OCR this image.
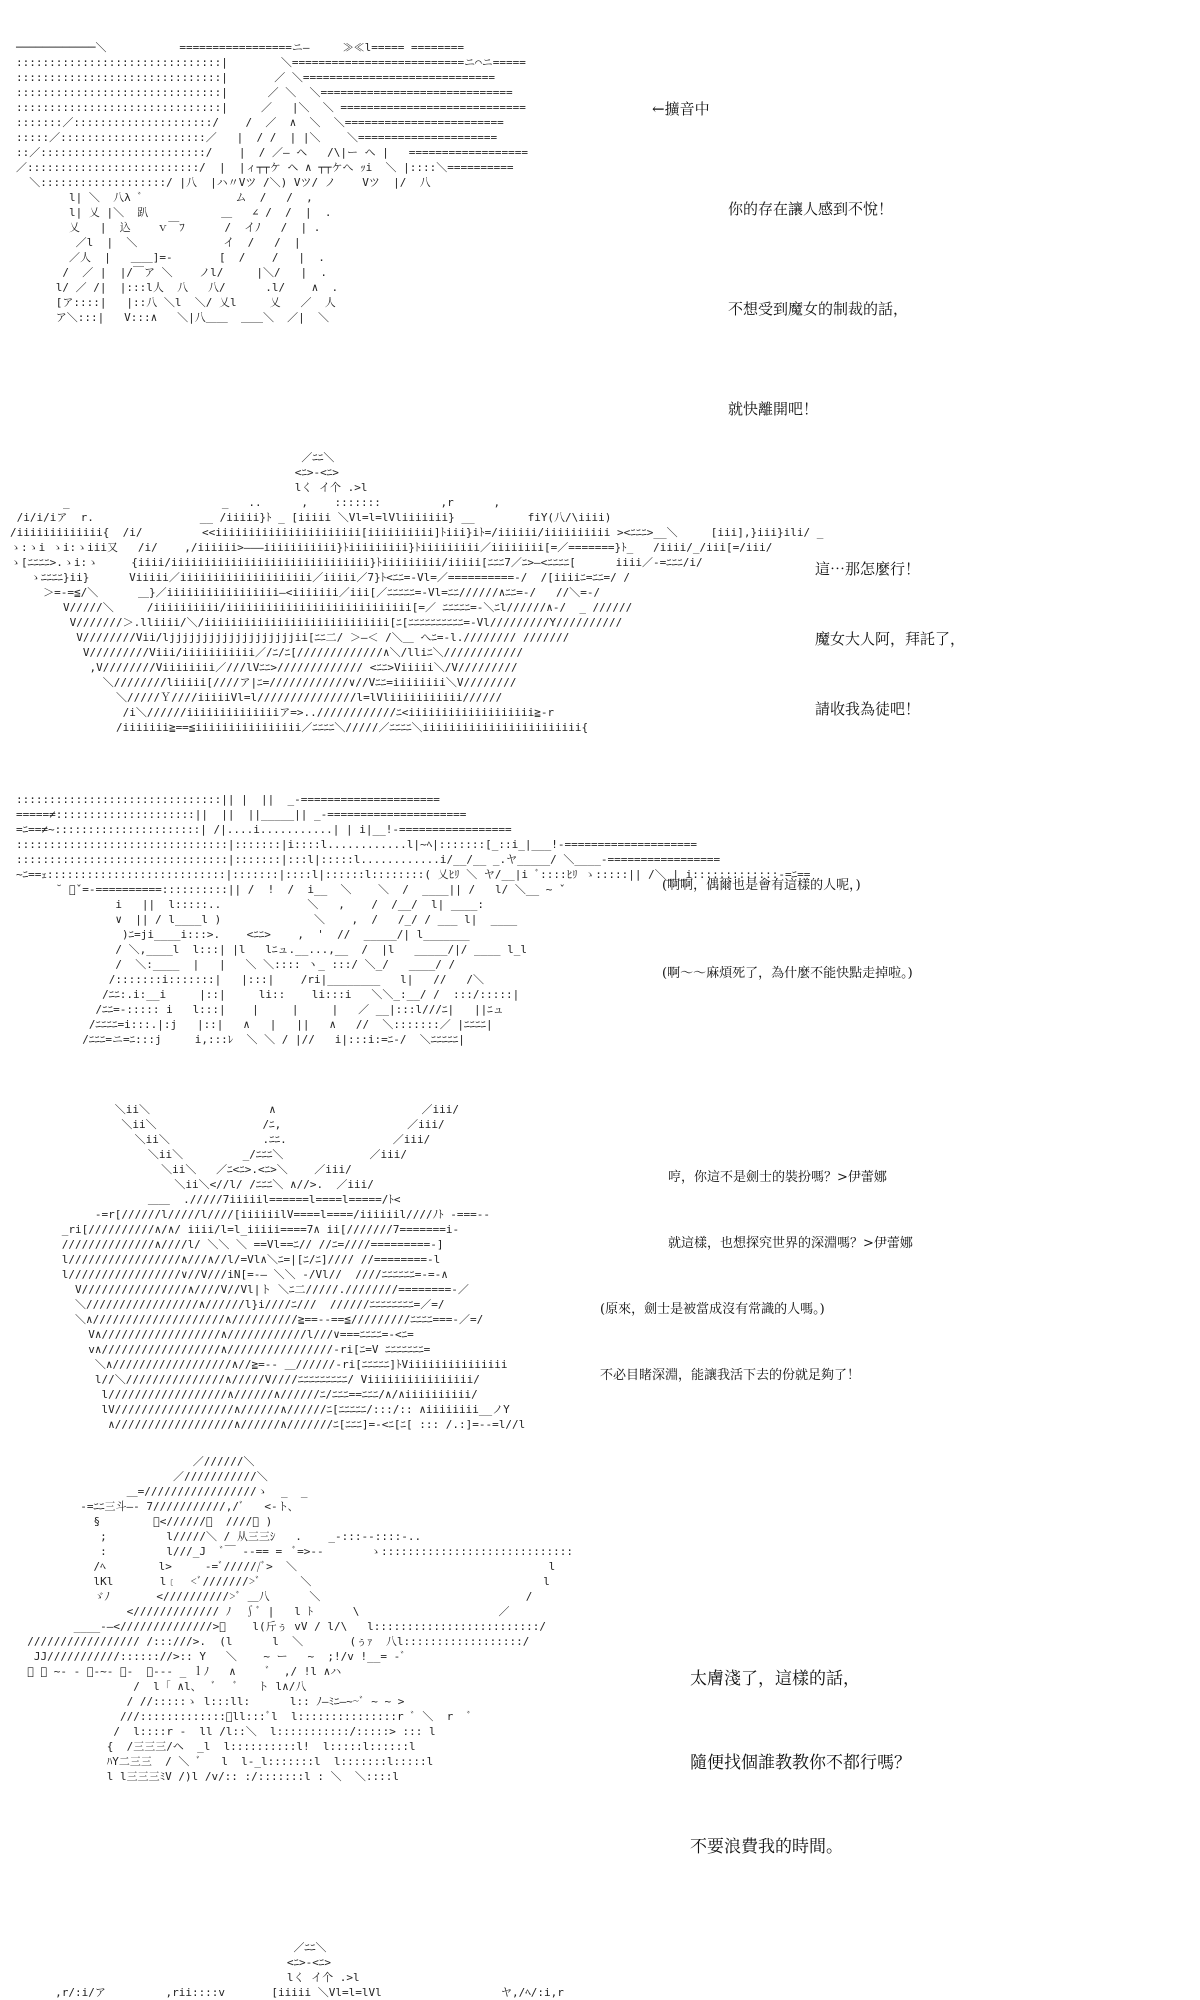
────────────＼           =================ニ―     ≫≪l===== ========
:::::::::::::::::::::::::::::::|        ＼==========================ニ⌒ニ=====
:::::::::::::::::::::::::::::::|       ／ ＼=============================
:::::::::::::::::::::::::::::::|      ／ ＼  ＼=============================
:::::::::::::::::::::::::::::::|     ／   |＼  ＼ ============================
:::::::／:::::::::::::::::::::/    /  ／  ∧  ＼  ＼========================
:::::／::::::::::::::::::::::／   |  / /  | |＼    ＼=====================
::／:::::::::::::::::::::::::/    |  / ／― ヘ   /\|ー ヘ |   ==================
／::::::::::::::::::::::::::/  |  |ィ┬┬ケ ヘ ∧ ┬┬ケへ ｯi  ＼ |::::＼==========
＼:::::::::::::::::::/ |八  |ハ〃Vツ /＼) Vツ/ ノ    Vツ  |/  八
l| ＼  八λ ﾞ              ム  /   /  ,
l| 乂 |＼  趴           ＿   ∠ /  /  |  .
乂   |  込    ｖ￣ﾌ      /  イﾉ   /  | .
／l  |  ＼             イ  /   /  |
／人  |   ＿＿]=-       [  /    /   |  .
/  ／ |  |/￣ア ＼    ノl/     |＼/   |  .
l/ ／ /|  |:::l人  八   八/      .l/    ∧  .
[ア::::|   |::八 ＼l  ＼/ 乂l     乂   ／  人
ア＼:::|   V:::∧   ＼|八＿＿  ＿＿＼  ／|  ＼
←擴音中
你的存在讓人感到不悅！
不想受到魔女的制裁的話，
就快離開吧！
／ﾆﾆ＼
<ﾆ>-<ﾆ>
lく イ个 .>l
_                       _   ..      ,    :::::::         ,r      ,
/i/i/iア  r.                __ /iiiii}ﾄ _ [iiiii ＼Vl=l=lVliiiiiii} __        fiY(八/\iiii)
/iiiiiiiiiiiii{  /i/         <<iiiiiiiiiiiiiiiiiiiiii[iiiiiiiiii]ﾄiii}iﾄ=/iiiiii/iiiiiiiiii ><ﾆﾆﾆ>__＼     [iii],}iii}ili/ _
ゝ:ゝi ゝi:ゝiii又   /i/    ,/iiiiii>―――iiiiiiiiiii}ﾄiiiiiiiii}ﾄiiiiiiiii／iiiiiiii[=／=======}ﾄ_   /iiii/_/iii[=/iii/
ゝ[ﾆﾆﾆﾆ>.ゝi:ゝ     {iiii/iiiiiiiiiiiiiiiiiiiiiiiiiiiiii}ﾄiiiiiiiii/iiiii[ﾆﾆﾆ7／ﾆ>―<ﾆﾆﾆﾆ[      iiii／-=ﾆﾆﾆ/i/
ゝﾆﾆﾆﾆ}ii}      Viiiii／iiiiiiiiiiiiiiiiiiii／iiiii／7}ﾄ<ﾆﾆ=-Vl=／==========-/  /[iiiiﾆ=ﾆﾆ=/ /
＞=-=≦/＼      ＿}／iiiiiiiiiiiiiiiii―<iiiiiii／iii[／ﾆﾆﾆﾆﾆ=-Vl=ﾆﾆ//////∧ﾆﾆ=-/   //＼=-/
V/////＼     /iiiiiiiiii/iiiiiiiiiiiiiiiiiiiiiiiiiiii[=／ ﾆﾆﾆﾆﾆ=-＼ﾆl//////∧-/  _ //////
V///////＞.lliiii/＼/iiiiiiiiiiiiiiiiiiiiiiiiiiii[ﾆ[ﾆﾆﾆﾆﾆﾆﾆﾆﾆﾆ=-Vl/////////Y//////////
V////////Vii/ljjjjjjjjjjjjjjjjjjjii[ﾆﾆ二/ ＞―＜ /＼＿ へﾆ=-l.//////// ///////
V/////////Viii/iiiiiiiiiii／/ﾆ/ﾆ[/////////////∧＼/lliﾆ＼////////////
,V////////Viiiiiiii／///lVﾆﾆ>///////////// <ﾆﾆ>Viiiii＼/V/////////
＼////////liiiii[////ア|ﾆ=////////////∨//Vﾆﾆ=iiiiiiii＼V////////
＼/////Ｙ////iiiiiVl=l///////////////l=lVliiiiiiiiiii//////
/i＼//////iiiiiiiiiiiiiiア=>..////////////ﾆ<iiiiiiiiiiiiiiiiiii≧-r
/iiiiiii≧==≦iiiiiiiiiiiiiiii／ﾆﾆﾆﾆ＼/////／ﾆﾆﾆﾆ＼iiiiiiiiiiiiiiiiiiiiiiii{
這⋯那怎麼行！
魔女大人阿，拜託了，
請收我為徒吧！
:::::::::::::::::::::::::::::::|| |  ||  _-=====================
=====≠:::::::::::::::::::::||  ||  ||_____|| _-=====================
=ﾆ==≠~::::::::::::::::::::::| /|....i...........| | i|__!-=================
::::::::::::::::::::::::::::::::|:::::::|i::::l............l|~ﾍ|:::::::[_::i_|___!-====================
::::::::::::::::::::::::::::::::|:::::::|:::l|:::::l............i/__/__ _.ヤ_____/ ＼____-=================
~ﾆ==ｪ:::::::::::::::::::::::::::|:::::::|::::l|::::::l::::::::( 乂ﾋﾘ ＼ ヤ/__|i ﾞ::::ﾋﾘ ゝ:::::|| /＼_|_i:::::::::::::-=ﾆ==
˘ ゙ˇ=-==========::::::::::|| /  !  /  i__  ＼    ＼  /  ____|| /   l/ ＼__ ~ ˇ
i   ||  l:::::..             ＼   ,    /  /__/  l| ____:
∨  || / l____l )              ＼    ,  /   /_/ / ___ l|  ____
)ﾆ=ji____i:::>.    <ﾆﾆ>    ,  '  //  _____/| l_______
/ ＼,____l  l:::| |l   lﾆュ.__...,__  /  |l   _____/|/ ____ l_l
/  ＼:____  |   |   ＼ ＼:::: ヽ_ :::/ ＼_/   ____/ /
/:::::::i:::::::|   |:::|    /ri|________   l|   //   /＼
/ﾆﾆ:.i:__i     |::|     li::    li:::i   ＼＼_:__/ /  :::/:::::|
/ﾆﾆ=-::::: i   l:::|    |     |     |   ／ __|:::l///ﾆ|   ||ﾆュ
/ﾆﾆﾆﾆ=i:::.|:j   |::|   ∧   |   ||   ∧   //  ＼:::::::／ |ﾆﾆﾆﾆ|
/ﾆﾆﾆ=ニ=ﾆ:::j     i,:::ﾚ  ＼ ＼ / |//   i|:::i:=ﾆ-/  ＼ﾆﾆﾆﾆﾆ|
(啊啊，偶爾也是會有這樣的人呢，)
(啊～～麻煩死了，為什麼不能快點走掉啦。)
＼ii＼                  ∧                      ／iii/
＼ii＼                /ﾆ,                   ／iii/
＼ii＼              .ﾆﾆ.                ／iii/
＼ii＼         _/ﾆﾆﾆ＼             ／iii/
＼ii＼   ／ﾆ<ﾆ>.<ﾆ>＼    ／iii/
＼ii＼<//l/ /ﾆﾆﾆ＼ ∧//>.  ／iii/
＿＿  ./////7iiiiil======l====l=====/ﾄ<
-=r[//////l/////l////[iiiiiilV====l====/iiiiiil////ﾉﾄ -===--
_ri[//////////∧/∧/ iiii/l=l_iiiii====7∧ ii[///////7=======i-
//////////////∧////l/ ＼＼ ＼ ==Vl==ﾆ// //ﾆ=////=========-]
l/////////////////∧///∧//l/=Vl∧＼ﾆ=|[ﾆ/ﾆ]//// //========-l
l/////////////////∨//V///iN[=-― ＼＼ -/Vl//  ////ﾆﾆﾆﾆﾆﾆ=-=-∧
V////////////////∧////V//Vl|ト ＼ﾆ二/////.////////========-／
＼/////////////////∧//////l}i////ﾆ///  //////ﾆﾆﾆﾆﾆﾆﾆﾆ=／=/
＼∧////////////////////∧//////////≧==--==≦/////////ﾆﾆﾆﾆ===-／=/
V∧//////////////////∧////////////l///∨===ﾆﾆﾆﾆ=-<ﾆ=
v∧//////////////////∧////////////////-ri[ﾆ=V ﾆﾆﾆﾆﾆﾆﾆ=
＼∧//////////////////∧//≧=-- ＿//////-ri[ﾆﾆﾆﾆﾆ]ﾄViiiiiiiiiiiiiii
l//＼///////////////∧/////V////ﾆﾆﾆﾆﾆﾆﾆﾆﾆ/ Viiiiiiiiiiiiiiii/
l//////////////////∧//////∧//////ﾆ/ﾆﾆﾆ==ﾆﾆﾆ/∧/∧iiiiiiiiii/
lV//////////////////∧//////∧//////ﾆ[ﾆﾆﾆﾆﾆ/:::/:: ∧iiiiiiii__ノY
∧//////////////////∧//////∧///////ﾆ[ﾆﾆﾆ]=-<ﾆ[ﾆ[ ::: /.:]=--=l//l
哼，你這不是劍士的裝扮嗎？>伊蕾娜
就這樣，也想探究世界的深淵嗎？>伊蕾娜
(原來，劍士是被當成沒有常識的人嗎。)
不必目睹深淵，能讓我活下去的份就足夠了！
／//////＼
／///////////＼
＿=/////////////////ゝ  _  _
-=ﾆﾆ三斗―- 7///////////,/ﾞ   <-ト、
§        ﾞ<//////／  ////＼ )
;         l/////＼ / 从三三ｼ   .    _-:::--::::-..
:         l///_J  ﾞ￣ --== =  ﾞ=>--       ゝ:::::::::::::::::::::::::::::
/ﾍ        l>     -=ﾞ//////ﾞ>  ＼                                      l
lKl       l﹝  <ﾞ///////>ﾞ      ＼                                   l
ゞﾉ       <//////////>ﾞ ＿八      ＼                               /
<///////////// ﾉ  ∫ﾞ |   l ﾄ      \                     ／
____-―<//////////////>ﾞ    l(斤ぅ vV / l/\   l:::::::::::::::::::::::::/
///////////////// /:::///>.  (l      l  ＼       (ぅｧ  八l::::::::::::::::::/
JJ///////////:::::://>:: Y   ＼    ~ ー   ~  ;!/v !__= -ﾞ
ﾞ ﾞ ~- - ﾞ-~- ﾞ-  ﾞ--- _ ｌﾉ   ∧     ﾞ  ,/ !l ∧ハ
/  l「 ∧l、  ﾞ   ﾞ   ト l∧/八
/ //:::::ゝ l:::ll:      l:: ﾉ―ﾐﾆ―~~ﾞ ~ ~ >
///:::::::::::::ﾞll:::ﾞl  l:::::::::::::::r ﾞ ＼  r  ﾞ
/  l::::r -  ll /l::＼  l:::::::::::/:::::> ::: l
{  /三三三/ヘ  _l  l::::::::::l!  l:::::l::::::l
ﾊY二三三  / ＼ ﾞ   l  l-_l:::::::l  l:::::::l:::::l
l l三三三ﾐV /)l /v/:: :/:::::::l : ＼  ＼::::l
太膚淺了，這樣的話，
隨便找個誰教教你不都行嗎？
不要浪費我的時間。
／ﾆﾆ＼
<ﾆ>-<ﾆ>
lく イ个 .>l
,r/:i/ア         ,rii::::v       [iiiii ＼Vl=l=lVl                  ヤ,/ﾍ/:i,r
